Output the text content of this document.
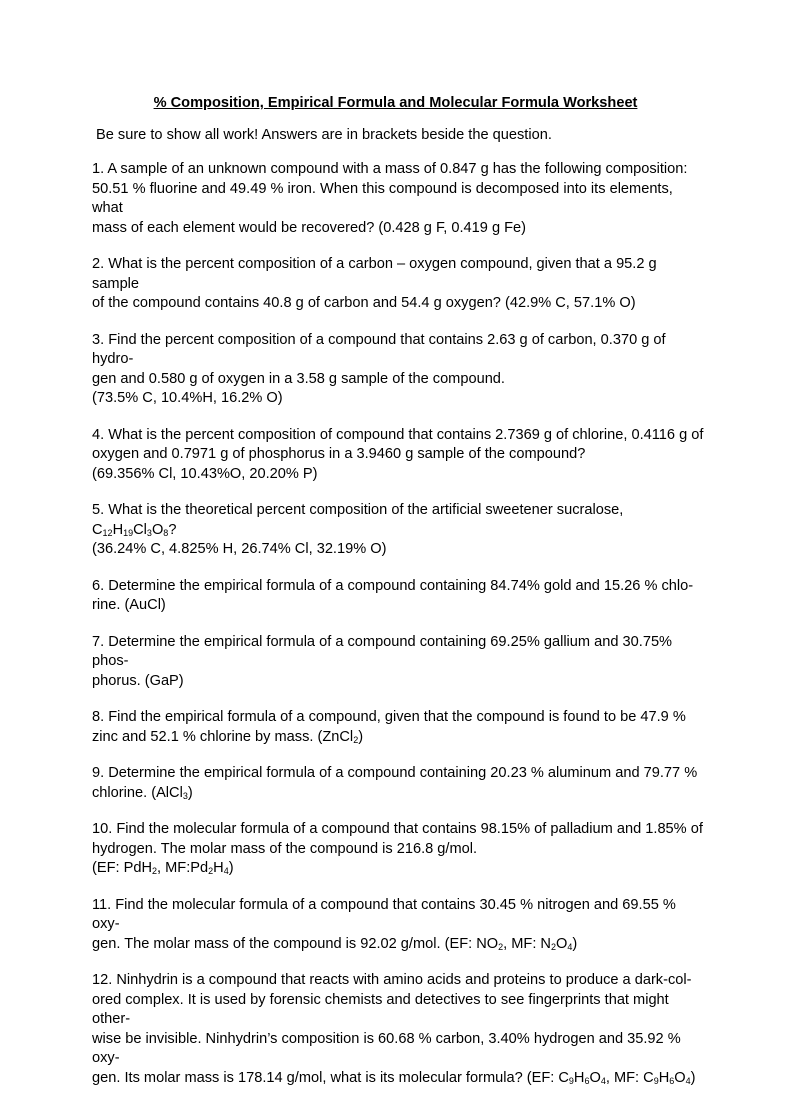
% Composition, Empirical Formula and Molecular Formula Worksheet
Be sure to show all work! Answers are in brackets beside the question.
1. A sample of an unknown compound with a mass of 0.847 g has the following composition:
50.51 % fluorine and 49.49 % iron. When this compound is decomposed into its elements, what
mass of each element would be recovered? (0.428 g F, 0.419 g Fe)
2. What is the percent composition of a carbon – oxygen compound, given that a 95.2 g sample
of the compound contains 40.8 g of carbon and 54.4 g oxygen? (42.9% C, 57.1% O)
3. Find the percent composition of a compound that contains 2.63 g of carbon, 0.370 g of hydro-
gen and 0.580 g of oxygen in a 3.58 g sample of the compound.
(73.5% C, 10.4%H, 16.2% O)
4. What is the percent composition of compound that contains 2.7369 g of chlorine, 0.4116 g of
oxygen and 0.7971 g of phosphorus in a 3.9460 g sample of the compound?
(69.356% Cl, 10.43%O, 20.20% P)
5. What is the theoretical percent composition of the artificial sweetener sucralose, $C_{12}H_{19}Cl_3O_8$?
(36.24% C, 4.825% H, 26.74% Cl, 32.19% O)
6. Determine the empirical formula of a compound containing 84.74% gold and 15.26 % chlo-
rine. (AuCl)
7. Determine the empirical formula of a compound containing 69.25% gallium and 30.75% phos-
phorus. (GaP)
8. Find the empirical formula of a compound, given that the compound is found to be 47.9 %
zinc and 52.1 % chlorine by mass. (ZnCl$_2$)
9. Determine the empirical formula of a compound containing 20.23 % aluminum and 79.77 %
chlorine. (AlCl$_3$)
10. Find the molecular formula of a compound that contains 98.15% of palladium and 1.85% of
hydrogen. The molar mass of the compound is 216.8 g/mol.
(EF: PdH$_2$, $MF:Pd_2H_4$)
11. Find the molecular formula of a compound that contains 30.45 % nitrogen and 69.55 % oxy-
gen. The molar mass of the compound is 92.02 g/mol. (EF: $NO_2$, MF: $N_2O_4$)
12. Ninhydrin is a compound that reacts with amino acids and proteins to produce a dark-col-
ored complex. It is used by forensic chemists and detectives to see fingerprints that might other-
wise be invisible. Ninhydrin’s composition is 60.68 % carbon, 3.40% hydrogen and 35.92 % oxy-
gen. Its molar mass is 178.14 g/mol, what is its molecular formula? (EF: $C_9H_6O_4$, MF: $C_9H_6O_4$)
